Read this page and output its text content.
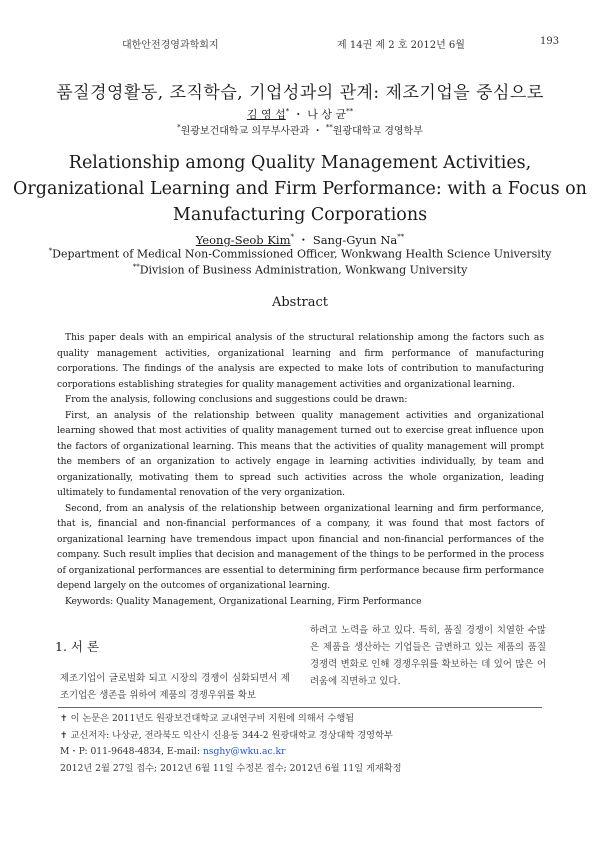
대한안전경영과학회지	제 14권 제 2 호 2012년 6월	193
품질경영활동, 조직학습, 기업성과의 관계: 제조기업을 중심으로
김 영 섭* ・ 나 상 균**
*원광보건대학교 의무부사관과 ・ **원광대학교 경영학부
Relationship among Quality Management Activities,
Organizational Learning and Firm Performance: with a Focus on
Manufacturing Corporations
Yeong-Seob Kim* ・ Sang-Gyun Na**
*Department of Medical Non-Commissioned Officer, Wonkwang Health Science University
**Division of Business Administration, Wonkwang University
Abstract

This paper deals with an empirical analysis of the structural relationship among the factors such as quality management activities, organizational learning and firm performance of manufacturing corporations. The findings of the analysis are expected to make lots of contribution to manufacturing corporations establishing strategies for quality management activities and organizational learning.

From the analysis, following conclusions and suggestions could be drawn:

First, an analysis of the relationship between quality management activities and organizational learning showed that most activities of quality management turned out to exercise great influence upon the factors of organizational learning. This means that the activities of quality management will prompt the members of an organization to actively engage in learning activities individually, by team and organizationally, motivating them to spread such activities across the whole organization, leading ultimately to fundamental renovation of the very organization.

Second, from an analysis of the relationship between organizational learning and firm performance, that is, financial and non-financial performances of a company, it was found that most factors of organizational learning have tremendous impact upon financial and non-financial performances of the company. Such result implies that decision and management of the things to be performed in the process of organizational performances are essential to determining firm performance because firm performance depend largely on the outcomes of organizational learning.

Keywords: Quality Management, Organizational Learning, Firm Performance

1. 서 론
제조기업이 글로벌화 되고 시장의 경쟁이 심화되면서 제조기업은 생존을 위하여 제품의 경쟁우위를 확보
하려고 노력을 하고 있다. 특히, 품질 경쟁이 치열한 수많은 제품을 생산하는 기업들은 급변하고 있는 제품의 품질 경쟁력 변화로 인해 경쟁우위를 확보하는 데 있어 많은 어려움에 직면하고 있다.
✝ 이 논문은 2011년도 원광보건대학교 교내연구비 지원에 의해서 수행됨
✝ 교신저자: 나상균, 전라북도 익산시 신용동 344-2 원광대학교 경상대학 경영학부
M・P: 011-9648-4834, E-mail: nsghy@wku.ac.kr
2012년 2월 27일 접수; 2012년 6월 11일 수정본 접수; 2012년 6월 11일 게재확정
